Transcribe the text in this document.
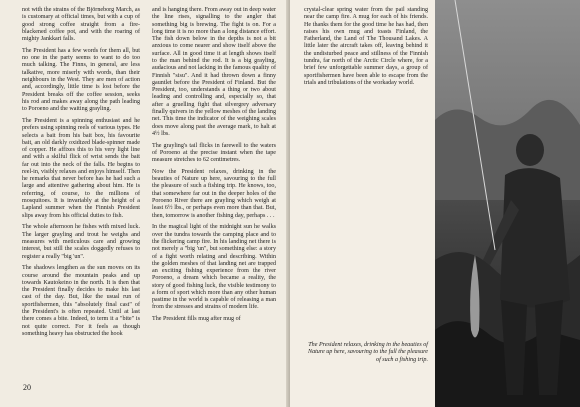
not with the strains of the Björneborg March, as is customary at official times, but with a cup of good strong coffee straight from a fire-blackened coffee pot, and with the roaring of mighty Jankkari falls.

The President has a few words for them all, but no one in the party seems to want to do too much talking. The Finns, in general, are less talkative, more miserly with words, than their neighbours in the West. They are men of action and, accordingly, little time is lost before the President breaks off the coffee session, seeks his rod and makes away along the path leading to Poroeno and the waiting grayling.

The President is a spinning enthusiast and he prefers using spinning reels of various types. He selects a bait from his bait box, his favourite bait, an old darkly oxidized blade-spinner made of copper. He affixes this to his very light line and with a skilful flick of wrist sends the bait far out into the neck of the falls. He begins to reel-in, visibly relaxes and enjoys himself. Then he remarks that never before has he had such a large and attentive gathering about him. He is referring, of course, to the millions of mosquitoes. It is invariably at the height of a Lapland summer when the Finnish President slips away from his official duties to fish.

The whole afternoon he fishes with mixed luck. The larger grayling and trout he weighs and measures with meticulous care and growing interest, but still the scales doggedly refuses to register a really "big 'un".

The shadows lengthen as the sun moves on its course around the mountain peaks and up towards Kautokeino in the north. It is then that the President finally decides to make his last cast of the day. But, like the usual run of sportfishermen, this "absolutely final cast" of the President's is often repeated. Until at last there comes a bite. Indeed, to term it a "bite" is not quite correct. For it feels as though something heavy has obstructed the hook

and is hanging there. From away out in deep water the line rises, signalling to the angler that something big is brewing. The fight is on. For a long time it is no more than a long distance effort. The fish down below in the depths is not a bit anxious to come nearer and show itself above the surface. All in good time it at length shows itself to the man behind the rod. It is a big grayling, audacious and not lacking in the famous quality of Finnish "sisu". And it had thrown down a finny gauntlet before the President of Finland. But the President, too, understands a thing or two about leading and controlling and, especially so, that after a gruelling fight that silvergrey adversary finally quivers in the yellow meshes of the landing net. This time the indicator of the weighing scales does move along past the average mark, to halt at 4½ lbs.

The grayling's tail flicks in farewell to the waters of Poroeno at the precise instant when the tape measure stretches to 62 centimetres.

Now the President relaxes, drinking in the beauties of Nature up here, savouring to the full the pleasure of such a fishing trip. He knows, too, that somewhere far out in the deeper holes of the Poroeno River there are grayling which weigh at least 6½ lbs., or perhaps even more than that. But, then, tomorrow is another fishing day, perhaps . . .

In the magical light of the midnight sun he walks over the tundra towards the camping place and to the flickering camp fire. In his landing net there is not merely a "big 'un", but something else: a story of a fight worth relating and describing. Within the golden meshes of that landing net are trapped an exciting fishing experience from the river Poroeno, a dream which became a reality, the story of good fishing luck, the visible testimony to a form of sport which more than any other human pastime in the world is capable of releasing a man from the stresses and strains of modern life.

The President fills mug after mug of

20

crystal-clear spring water from the pail standing near the camp fire. A mug for each of his friends. He thanks them for the good time he has had, then raises his own mug and toasts Finland, the Fatherland, the Land of The Thousand Lakes. A little later the aircraft takes off, leaving behind it the undisturbed peace and stillness of the Finnish tundra, far north of the Arctic Circle where, for a brief few unforgettable summer days, a group of sportfishermen have been able to escape from the trials and tribulations of the workaday world.

The President relaxes, drinking in the beauties of Nature up here, savouring to the full the pleasure of such a fishing trip.
